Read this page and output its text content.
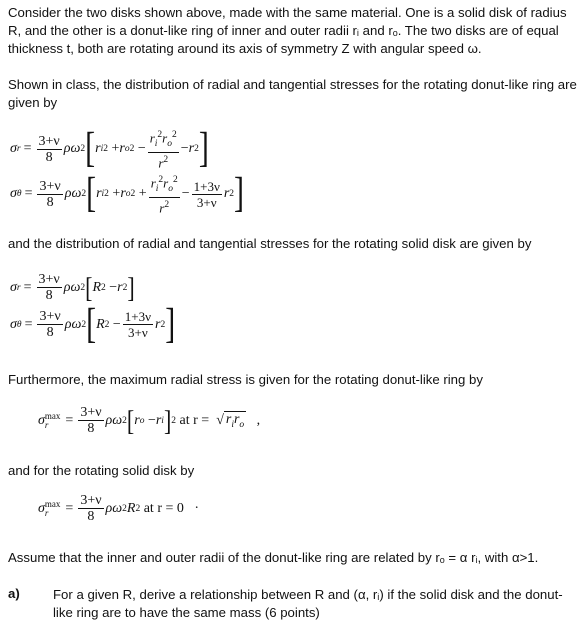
Consider the two disks shown above, made with the same material. One is a solid disk of radius R, and the other is a donut-like ring of inner and outer radii rᵢ and rₒ. The two disks are of equal thickness t, both are rotating around its axis of symmetry Z with angular speed ω.

Shown in class, the distribution of radial and tangential stresses for the rotating donut-like ring are given by

σ $r = \frac{3+\nu}{8}$ ρω 2 [ r i 2 + r o $2 - \frac{r_i^2r_o^2}{r^2} - r$ 2 ]
σ $\theta = \frac{3+\nu}{8}$ ρω 2 [ r i 2 + r o $2 + \frac{r_i^2r_o^2}{r^2} - \frac{1+3\nu}{3+\nu}$ r 2 ]

and the distribution of radial and tangential stresses for the rotating solid disk are given by

σ $r = \frac{3+\nu}{8}$ ρω 2 [ R 2 − r 2 ]
σ $\theta = \frac{3+\nu}{8}$ ρω 2 [ R $2 - \frac{1+3\nu}{3+\nu}$ r 2 ]

Furthermore, the maximum radial stress is given for the rotating donut-like ring by

σ max
r	= $\frac{3+\nu}{8}$ ρω 2 [ r o − r i ] 2
at r = √ $r_ir_o$ ,

and for the rotating solid disk by

σ max
r	= $\frac{3+\nu}{8}$ ρω 2 R 2
at r = 0 ·

Assume that the inner and outer radii of the donut-like ring are related by rₒ = α rᵢ, with α>1.

a)	For a given R, derive a relationship between R and (α, rᵢ) if the solid disk and the donut-like ring are to have the same mass (6 points)
